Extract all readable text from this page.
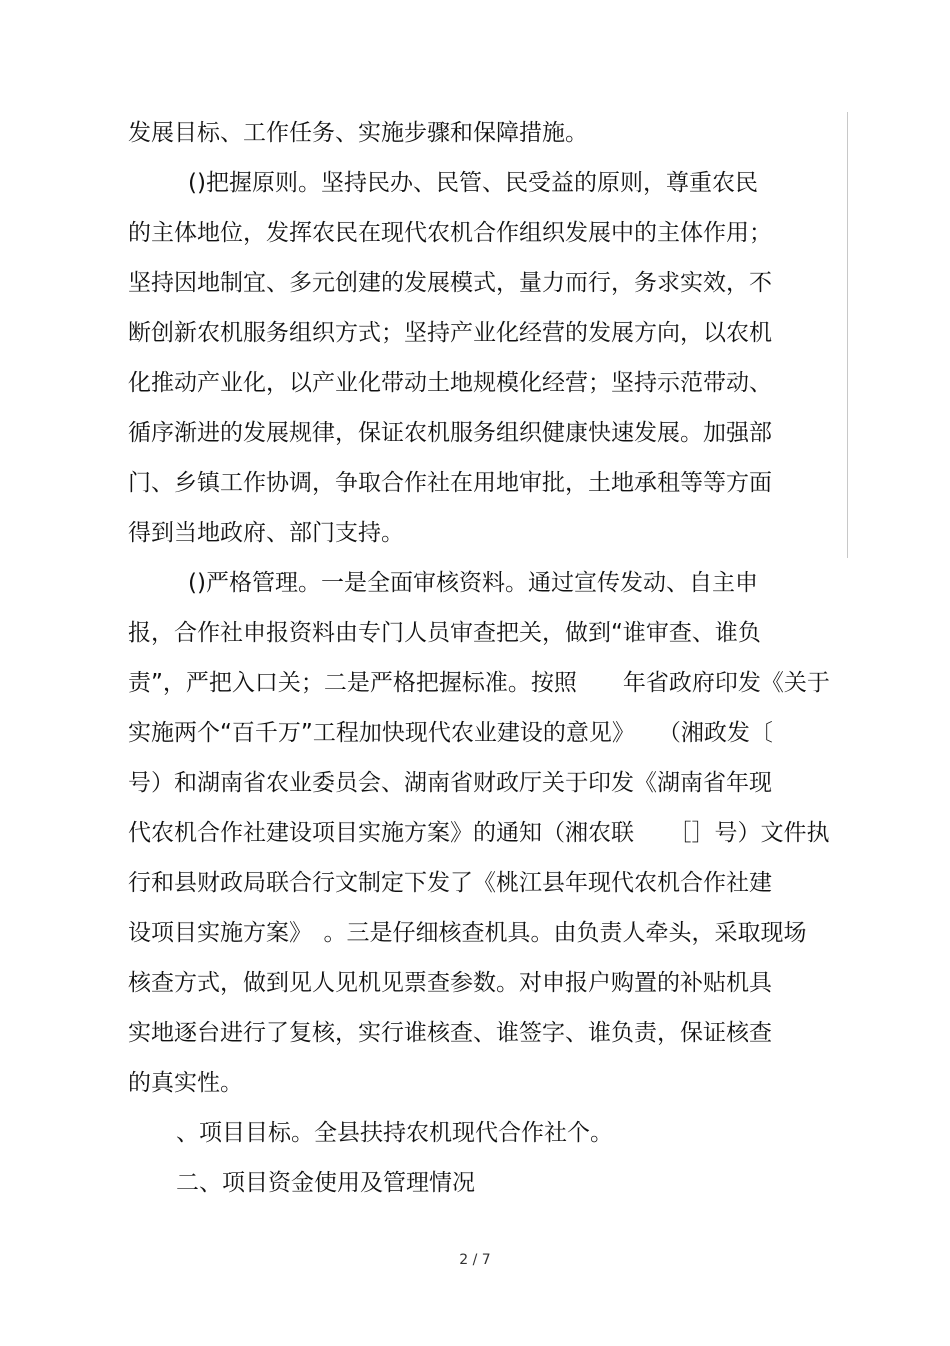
发展目标、工作任务、实施步骤和保障措施。
()把握原则。坚持民办、民管、民受益的原则，尊重农民
的主体地位，发挥农民在现代农机合作组织发展中的主体作用；
坚持因地制宜、多元创建的发展模式，量力而行，务求实效，不
断创新农机服务组织方式；坚持产业化经营的发展方向，以农机
化推动产业化，以产业化带动土地规模化经营；坚持示范带动、
循序渐进的发展规律，保证农机服务组织健康快速发展。加强部
门、乡镇工作协调，争取合作社在用地审批，土地承租等等方面
得到当地政府、部门支持。
()严格管理。一是全面审核资料。通过宣传发动、自主申
报，合作社申报资料由专门人员审查把关，做到“谁审查、谁负
责”，严把入口关；二是严格把握标准。按照　　年省政府印发《关于
实施两个“百千万”工程加快现代农业建设的意见》　　（湘政发〔
号）和湖南省农业委员会、湖南省财政厅关于印发《湖南省年现
代农机合作社建设项目实施方案》的通知（湘农联　　［］号）文件执
行和县财政局联合行文制定下发了《桃江县年现代农机合作社建
设项目实施方案》　。三是仔细核查机具。由负责人牵头，采取现场
核查方式，做到见人见机见票查参数。对申报户购置的补贴机具
实地逐台进行了复核，实行谁核查、谁签字、谁负责，保证核查
的真实性。
、项目目标。全县扶持农机现代合作社个。
二、项目资金使用及管理情况
2 / 7
